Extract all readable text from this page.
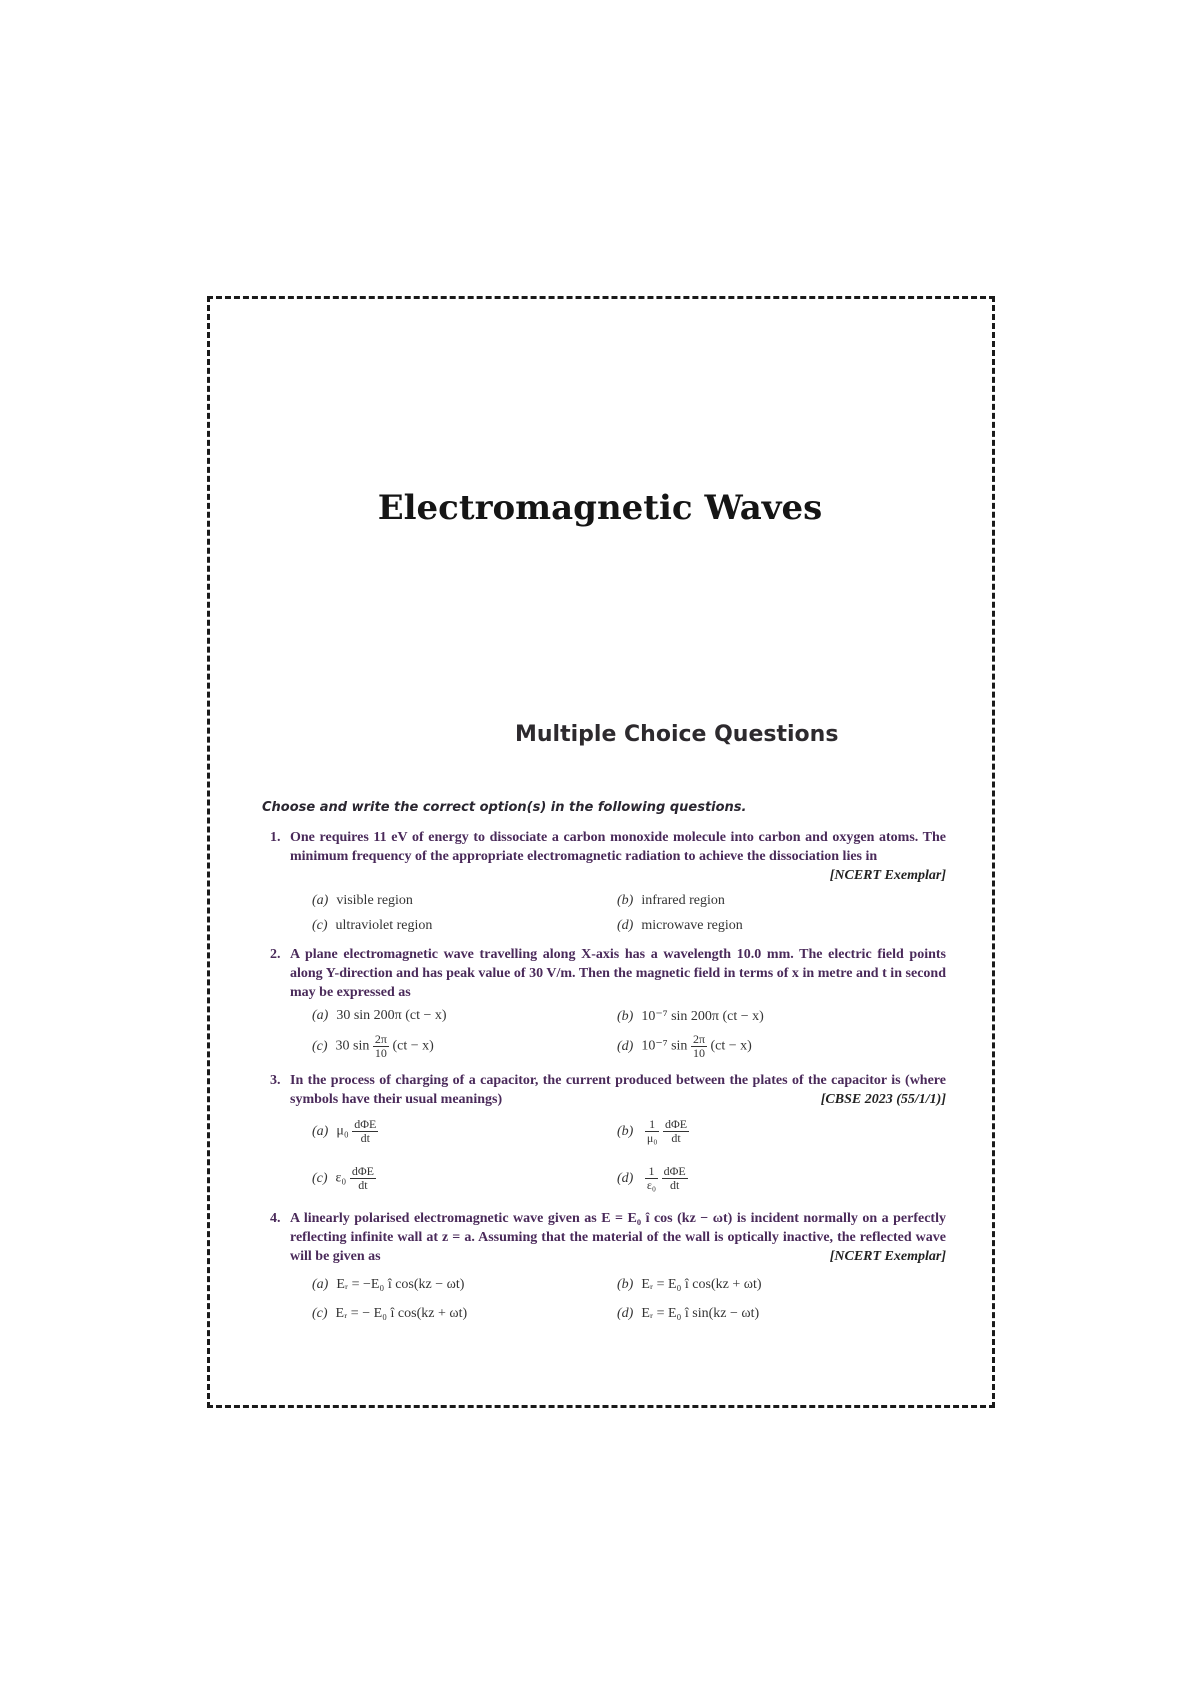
Electromagnetic Waves
Multiple Choice Questions
Choose and write the correct option(s) in the following questions.
1. One requires 11 eV of energy to dissociate a carbon monoxide molecule into carbon and oxygen atoms. The minimum frequency of the appropriate electromagnetic radiation to achieve the dissociation lies in
[NCERT Exemplar]
(a) visible region	(b) infrared region
(c) ultraviolet region	(d) microwave region
2. A plane electromagnetic wave travelling along X-axis has a wavelength 10.0 mm. The electric field points along Y-direction and has peak value of 30 V/m. Then the magnetic field in terms of x in metre and t in second may be expressed as
(a) 30 sin 200π (ct − x)	(b) 10⁻⁷ sin 200π (ct − x)
(c) 30 $\sin \frac{2\pi}{10} (ct - x)$	(d) 10⁻⁷ $\sin \frac{2\pi}{10} (ct - x)$
3. In the process of charging of a capacitor, the current produced between the plates of the capacitor is (where symbols have their usual meanings)	[CBSE 2023 (55/1/1)]
(a) $\mu_0 \frac{\text{dΦE}}{dt}$	$(b) \frac{1}{\text{μ₀}}$
$\frac{\text{dΦE}}{dt}$
(c) $\varepsilon_0 \frac{\text{dΦE}}{dt}$	$(d) \frac{1}{\text{ε₀}}$
$\frac{\text{dΦE}}{dt}$
4. A linearly polarised electromagnetic wave given as E = E₀ î cos (kz − ωt) is incident normally on a perfectly reflecting infinite wall at z = a. Assuming that the material of the wall is optically inactive, the reflected wave will be given as	[NCERT Exemplar]
(a) Eᵣ = −E₀ î cos(kz − ωt)	(b) Eᵣ = E₀ î cos(kz + ωt)
(c) Eᵣ = − E₀ î cos(kz + ωt)	(d) Eᵣ = E₀ î sin(kz − ωt)
